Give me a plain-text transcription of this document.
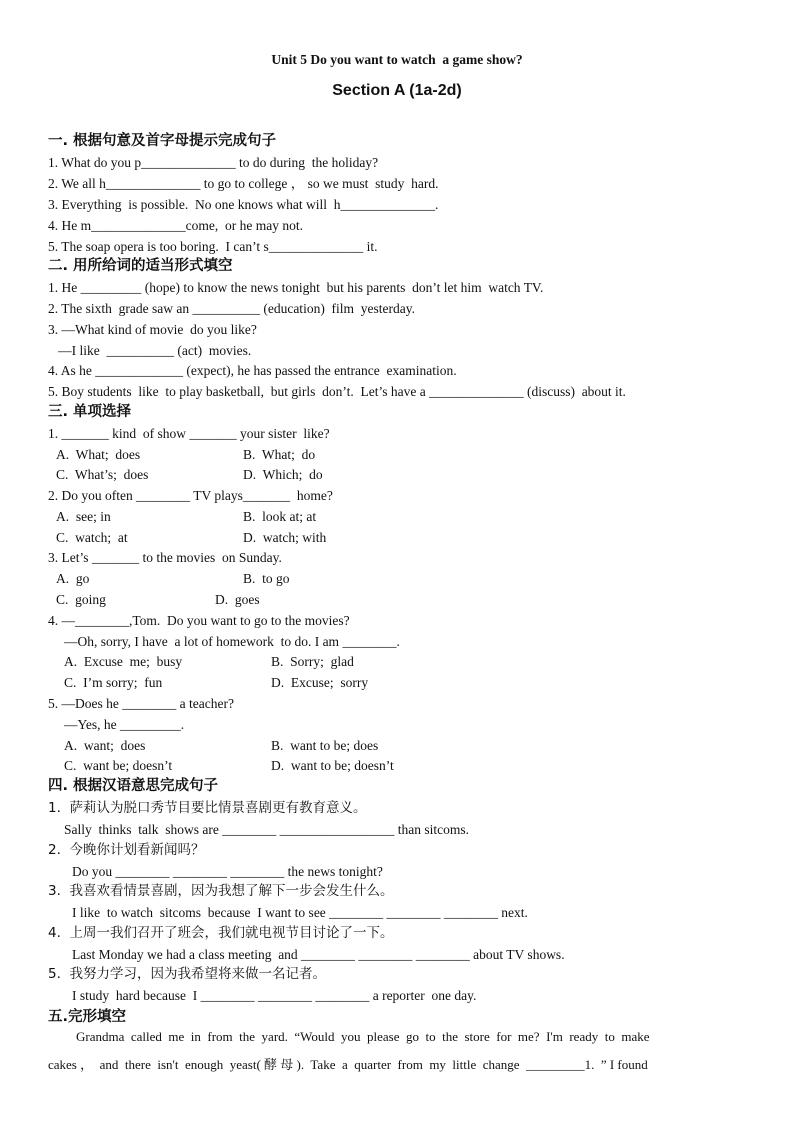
Unit 5 Do you want to watch  a game show?
Section A (1a-2d)
一. 根据句意及首字母提示完成句子
1. What do you p______________ to do during  the holiday?
2. We all h______________ to go to college ， so we must  study  hard.
3. Everything  is possible.  No one knows what will  h______________.
4. He m______________come,  or he may not.
5. The soap opera is too boring.  I can’t s______________ it.
二. 用所给词的适当形式填空
1. He _________ (hope) to know the news tonight  but his parents  don’t let him  watch TV.
2. The sixth  grade saw an __________ (education)  film  yesterday.
3. —What kind of movie  do you like?
—I like  __________ (act)  movies.
4. As he _____________ (expect), he has passed the entrance  examination.
5. Boy students  like  to play basketball,  but girls  don’t.  Let’s have a ______________ (discuss)  about it.
三. 单项选择
1. _______ kind  of show _______ your sister  like?
A.  What;  does	B.  What;  do
C.  What’s;  does	D.  Which;  do
2. Do you often ________ TV plays_______  home?
A.  see; in	B.  look at; at
C.  watch;  at	D.  watch; with
3. Let’s _______ to the movies  on Sunday.
A.  go	B.  to go
C.  going	D.  goes
4. —________,Tom.  Do you want to go to the movies?
—Oh, sorry, I have  a lot of homework  to do. I am ________.
A.  Excuse  me;  busy	B.  Sorry;  glad
C.  I’m sorry;  fun	D.  Excuse;  sorry
5. —Does he ________ a teacher?
—Yes, he _________.
A.  want;  does	B.  want to be; does
C.  want be; doesn’t	D.  want to be; doesn’t
四. 根据汉语意思完成句子
1.  萨莉认为脱口秀节目要比情景喜剧更有教育意义。
Sally  thinks  talk  shows are ________ _________________ than sitcoms.
2.  今晚你计划看新闻吗？
Do you ________ ________ ________ the news tonight?
3.  我喜欢看情景喜剧，因为我想了解下一步会发生什么。
I like  to watch  sitcoms  because  I want to see ________ ________ ________ next.
4.  上周一我们召开了班会，我们就电视节目讨论了一下。
Last Monday we had a class meeting  and ________ ________ ________ about TV shows.
5.  我努力学习，因为我希望将来做一名记者。
I study  hard because  I ________ ________ ________ a reporter  one day.
五.完形填空
Grandma  called  me  in  from  the  yard.  “Would  you  please  go  to  the  store  for  me?  I'm  ready  to  make
cakes ，  and  there  isn't  enough  yeast( 酵 母 ).  Take  a  quarter  from  my  little  change  _________1.  ” I found
